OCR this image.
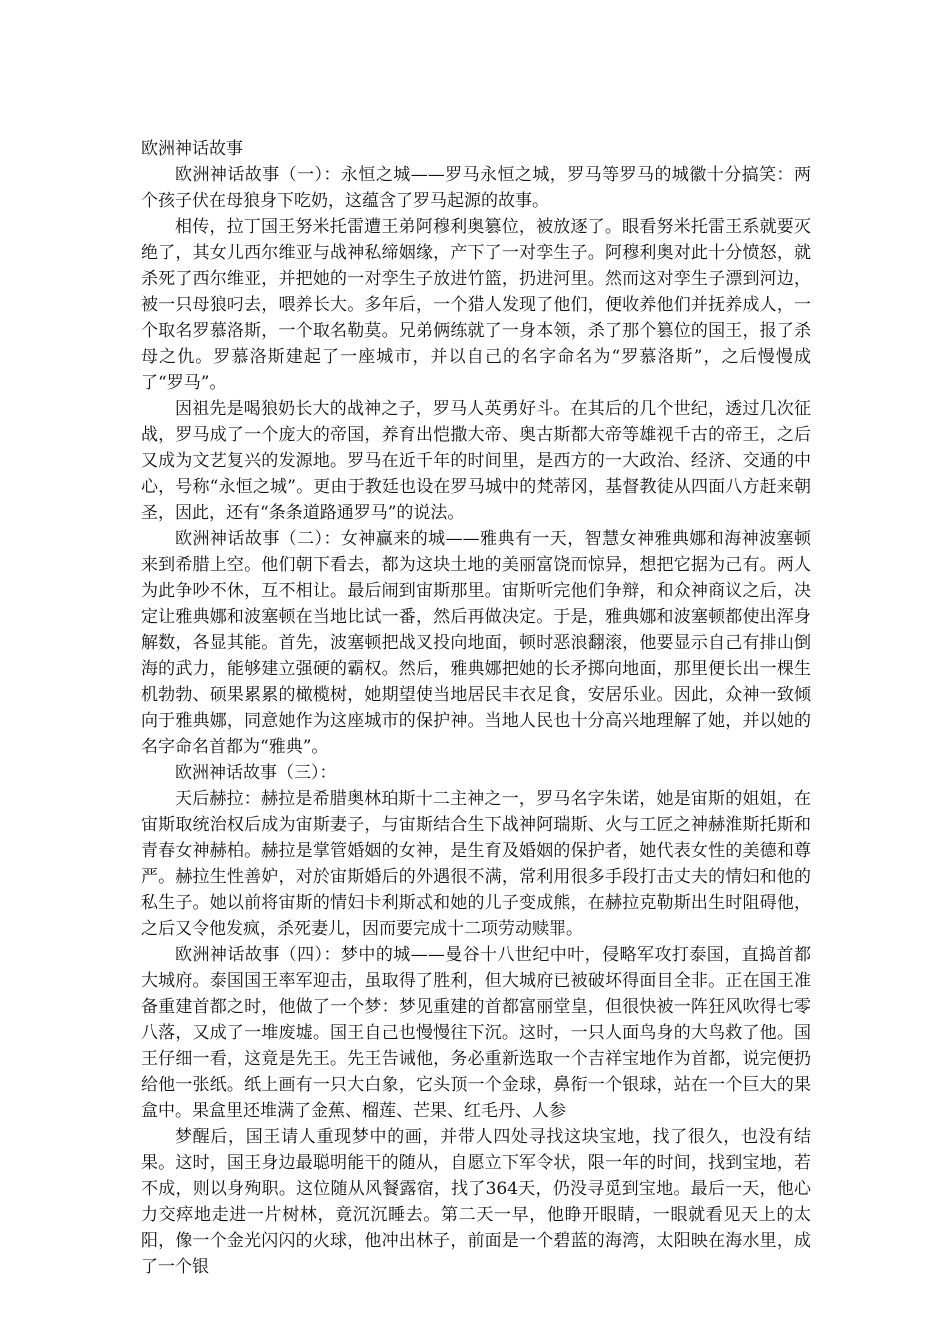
欧洲神话故事

欧洲神话故事（一）：永恒之城——罗马永恒之城，罗马等罗马的城徽十分搞笑：两个孩子伏在母狼身下吃奶，这蕴含了罗马起源的故事。

相传，拉丁国王努米托雷遭王弟阿穆利奥篡位，被放逐了。眼看努米托雷王系就要灭绝了，其女儿西尔维亚与战神私缔姻缘，产下了一对孪生子。阿穆利奥对此十分愤怒，就杀死了西尔维亚，并把她的一对孪生子放进竹篮，扔进河里。然而这对孪生子漂到河边，被一只母狼叼去，喂养长大。多年后，一个猎人发现了他们，便收养他们并抚养成人，一个取名罗慕洛斯，一个取名勒莫。兄弟俩练就了一身本领，杀了那个篡位的国王，报了杀母之仇。罗慕洛斯建起了一座城市，并以自己的名字命名为“罗慕洛斯”，之后慢慢成了“罗马”。

因祖先是喝狼奶长大的战神之子，罗马人英勇好斗。在其后的几个世纪，透过几次征战，罗马成了一个庞大的帝国，养育出恺撒大帝、奥古斯都大帝等雄视千古的帝王，之后又成为文艺复兴的发源地。罗马在近千年的时间里，是西方的一大政治、经济、交通的中心，号称“永恒之城”。更由于教廷也设在罗马城中的梵蒂冈，基督教徒从四面八方赶来朝圣，因此，还有“条条道路通罗马”的说法。

欧洲神话故事（二）：女神赢来的城——雅典有一天，智慧女神雅典娜和海神波塞顿来到希腊上空。他们朝下看去，都为这块土地的美丽富饶而惊异，想把它据为己有。两人为此争吵不休，互不相让。最后闹到宙斯那里。宙斯听完他们争辩，和众神商议之后，决定让雅典娜和波塞顿在当地比试一番，然后再做决定。于是，雅典娜和波塞顿都使出浑身解数，各显其能。首先，波塞顿把战叉投向地面，顿时恶浪翻滚，他要显示自己有排山倒海的武力，能够建立强硬的霸权。然后，雅典娜把她的长矛掷向地面，那里便长出一棵生机勃勃、硕果累累的橄榄树，她期望使当地居民丰衣足食，安居乐业。因此，众神一致倾向于雅典娜，同意她作为这座城市的保护神。当地人民也十分高兴地理解了她，并以她的名字命名首都为“雅典”。

欧洲神话故事（三）：

天后赫拉：赫拉是希腊奥林珀斯十二主神之一，罗马名字朱诺，她是宙斯的姐姐，在宙斯取统治权后成为宙斯妻子，与宙斯结合生下战神阿瑞斯、火与工匠之神赫淮斯托斯和青春女神赫柏。赫拉是掌管婚姻的女神，是生育及婚姻的保护者，她代表女性的美德和尊严。赫拉生性善妒，对於宙斯婚后的外遇很不满，常利用很多手段打击丈夫的情妇和他的私生子。她以前将宙斯的情妇卡利斯忒和她的儿子变成熊，在赫拉克勒斯出生时阻碍他，之后又令他发疯，杀死妻儿，因而要完成十二项劳动赎罪。

欧洲神话故事（四）：梦中的城——曼谷十八世纪中叶，侵略军攻打泰国，直捣首都大城府。泰国国王率军迎击，虽取得了胜利，但大城府已被破坏得面目全非。正在国王准备重建首都之时，他做了一个梦：梦见重建的首都富丽堂皇，但很快被一阵狂风吹得七零八落，又成了一堆废墟。国王自己也慢慢往下沉。这时，一只人面鸟身的大鸟救了他。国王仔细一看，这竟是先王。先王告诫他，务必重新选取一个吉祥宝地作为首都，说完便扔给他一张纸。纸上画有一只大白象，它头顶一个金球，鼻衔一个银球，站在一个巨大的果盒中。果盒里还堆满了金蕉、榴莲、芒果、红毛丹、人参

梦醒后，国王请人重现梦中的画，并带人四处寻找这块宝地，找了很久，也没有结果。这时，国王身边最聪明能干的随从，自愿立下军令状，限一年的时间，找到宝地，若不成，则以身殉职。这位随从风餐露宿，找了364天，仍没寻觅到宝地。最后一天，他心力交瘁地走进一片树林，竟沉沉睡去。第二天一早，他睁开眼睛，一眼就看见天上的太阳，像一个金光闪闪的火球，他冲出林子，前面是一个碧蓝的海湾，太阳映在海水里，成了一个银
